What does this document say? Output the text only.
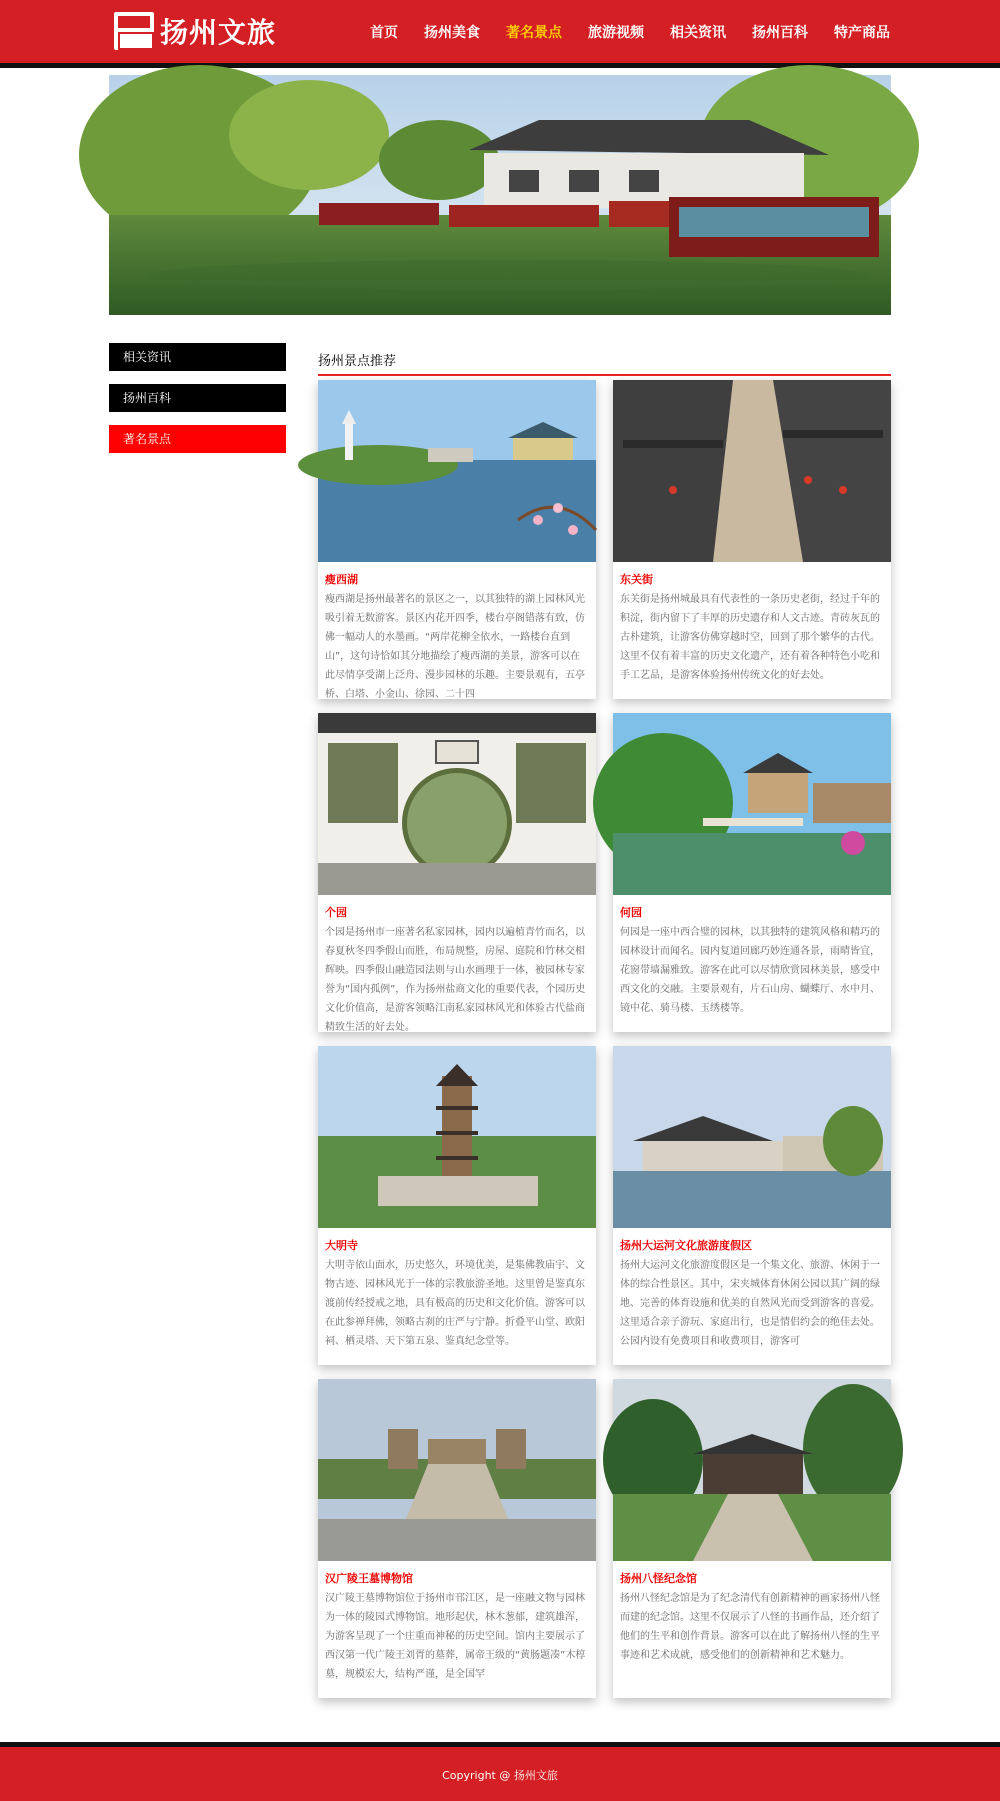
扬州文旅	首页 扬州美食 著名景点 旅游视频 相关资讯 扬州百科 特产商品
相关资讯
扬州百科
著名景点
扬州景点推荐
瘦西湖
瘦西湖是扬州最著名的景区之一，以其独特的湖上园林风光吸引着无数游客。景区内花开四季，楼台亭阁错落有致，仿佛一幅动人的水墨画。“两岸花柳全依水，一路楼台直到山”，这句诗恰如其分地描绘了瘦西湖的美景，游客可以在此尽情享受湖上泛舟、漫步园林的乐趣。主要景观有，五亭桥、白塔、小金山、徐园、二十四
东关街
东关街是扬州城最具有代表性的一条历史老街，经过千年的积淀，街内留下了丰厚的历史遗存和人文古迹。青砖灰瓦的古朴建筑，让游客仿佛穿越时空，回到了那个繁华的古代。这里不仅有着丰富的历史文化遗产，还有着各种特色小吃和手工艺品，是游客体验扬州传统文化的好去处。
个园
个园是扬州市一座著名私家园林，园内以遍植青竹而名，以春夏秋冬四季假山而胜，布局规整，房屋、庭院和竹林交相辉映。四季假山融造园法则与山水画理于一体，被园林专家誉为“国内孤例”，作为扬州盐商文化的重要代表，个园历史文化价值高，是游客领略江南私家园林风光和体验古代盐商精致生活的好去处。
何园
何园是一座中西合璧的园林，以其独特的建筑风格和精巧的园林设计而闻名。园内复道回廊巧妙连通各景，雨晴皆宜，花窗带墙漏雅致。游客在此可以尽情欣赏园林美景，感受中西文化的交融。主要景观有，片石山房、蝴蝶厅、水中月、镜中花、骑马楼、玉绣楼等。
大明寺
大明寺依山面水，历史悠久，环境优美，是集佛教庙宇、文物古迹、园林风光于一体的宗教旅游圣地。这里曾是鉴真东渡前传经授戒之地，具有极高的历史和文化价值。游客可以在此参禅拜佛，领略古刹的庄严与宁静。折叠平山堂、欧阳祠、栖灵塔、天下第五泉、鉴真纪念堂等。
扬州大运河文化旅游度假区
扬州大运河文化旅游度假区是一个集文化、旅游、休闲于一体的综合性景区。其中，宋夹城体育休闲公园以其广阔的绿地、完善的体育设施和优美的自然风光而受到游客的喜爱。这里适合亲子游玩、家庭出行，也是情侣约会的绝佳去处。公园内设有免费项目和收费项目，游客可
汉广陵王墓博物馆
汉广陵王墓博物馆位于扬州市邗江区，是一座融文物与园林为一体的陵园式博物馆。地形起伏，林木葱郁，建筑雄浑，为游客呈现了一个庄重而神秘的历史空间。馆内主要展示了西汉第一代广陵王刘胥的墓葬，属帝王级的“黄肠题凑”木椁墓，规模宏大，结构严谨，是全国罕
扬州八怪纪念馆
扬州八怪纪念馆是为了纪念清代有创新精神的画家扬州八怪而建的纪念馆。这里不仅展示了八怪的书画作品，还介绍了他们的生平和创作背景。游客可以在此了解扬州八怪的生平事迹和艺术成就，感受他们的创新精神和艺术魅力。
Copyright @ 扬州文旅
